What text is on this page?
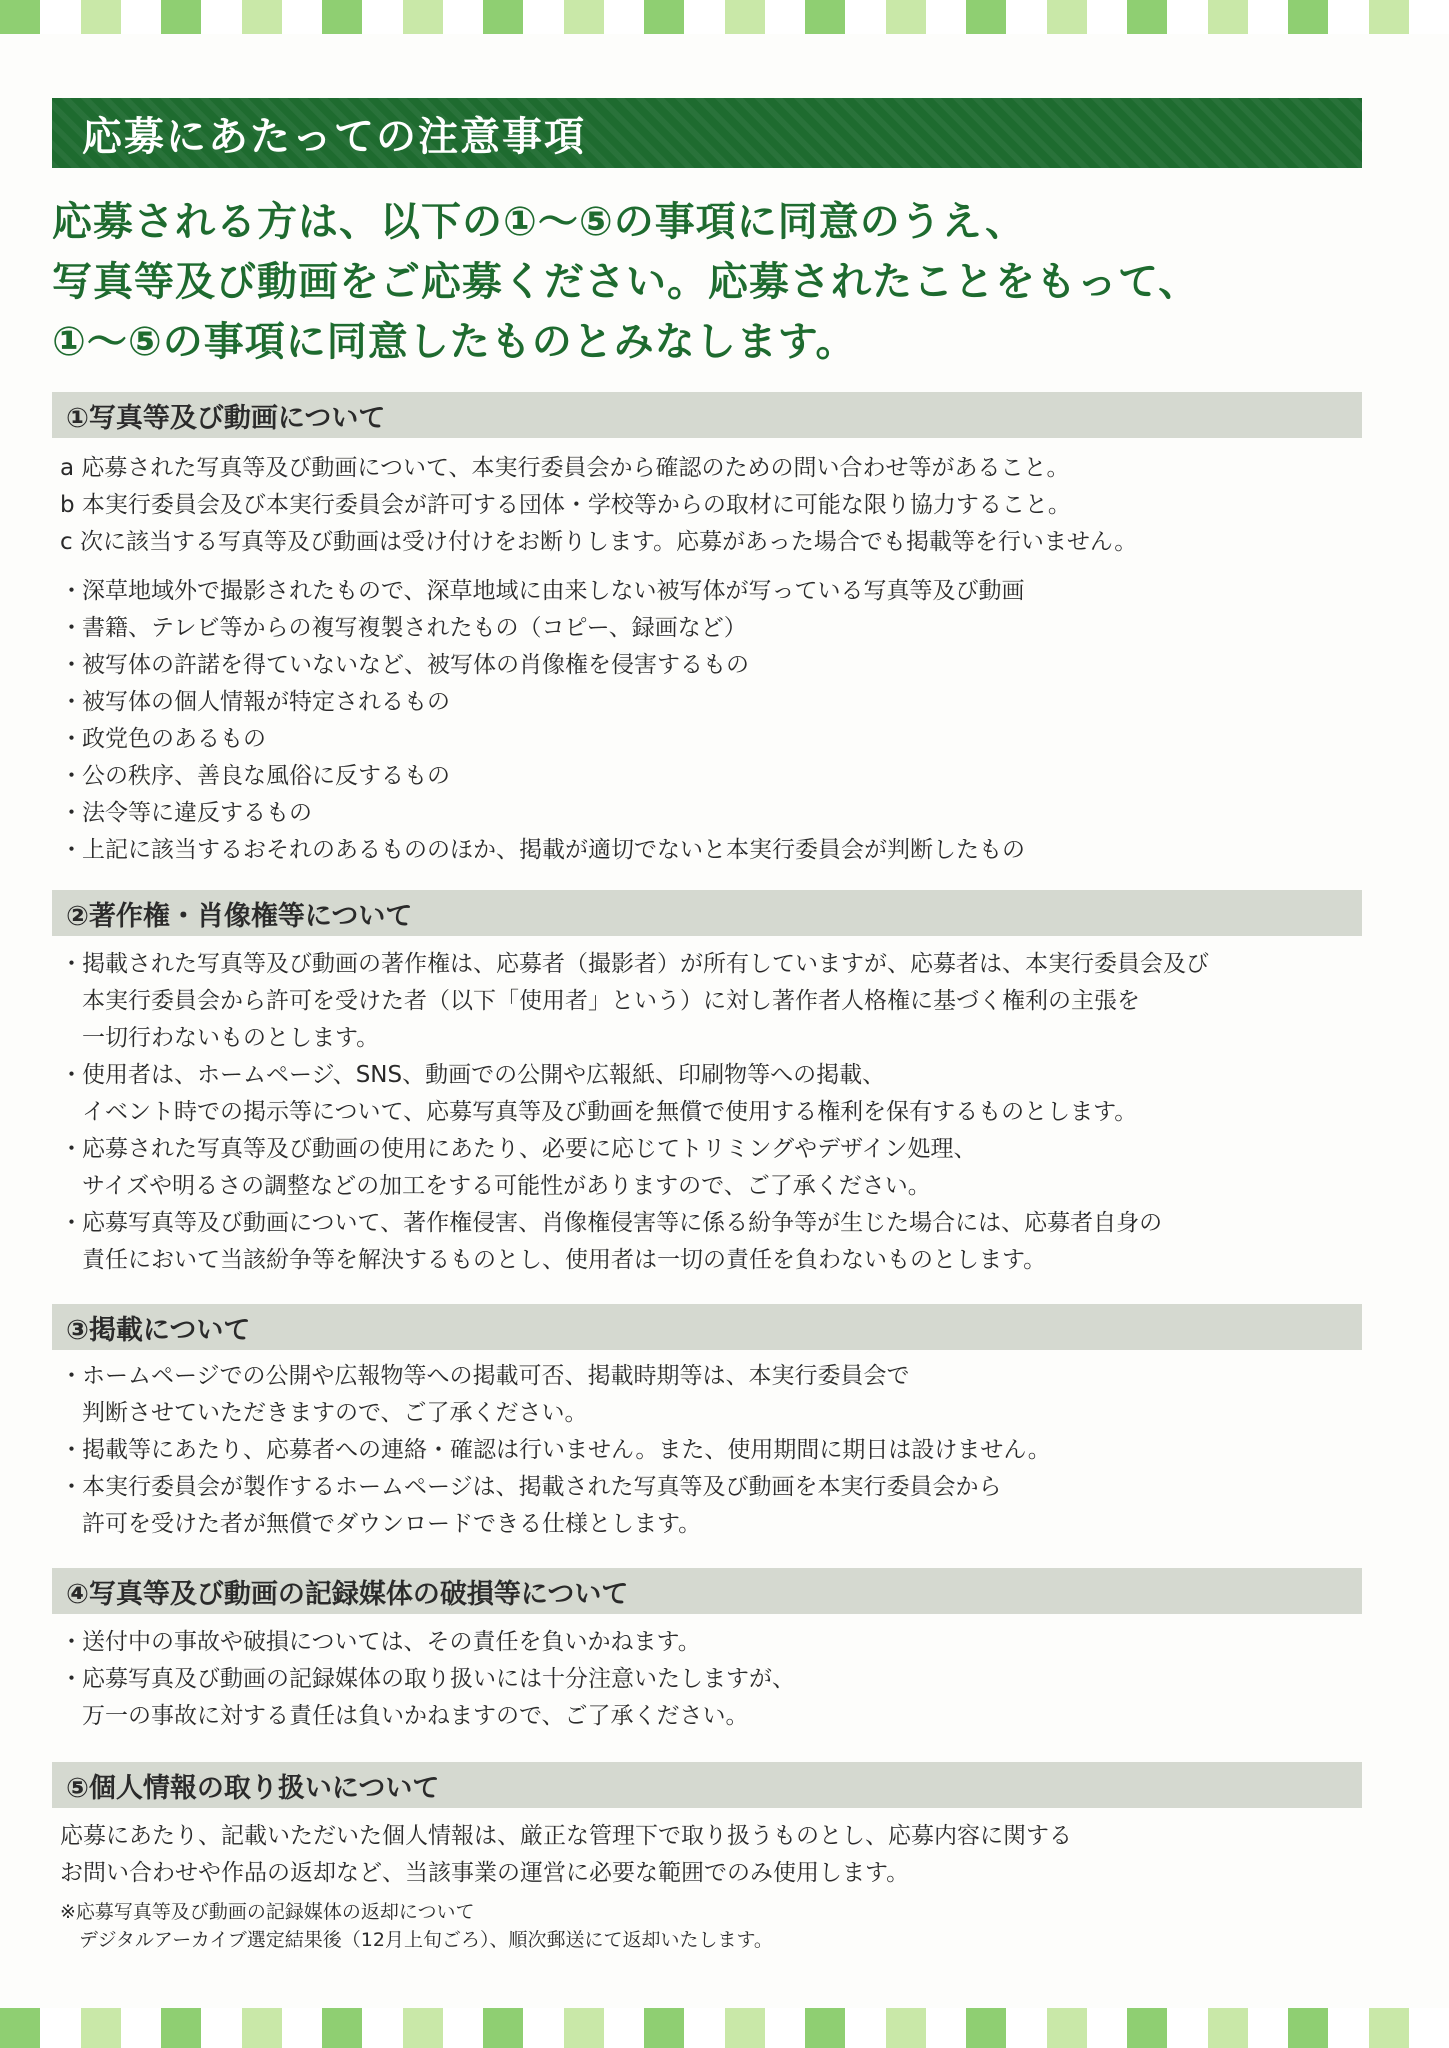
応募にあたっての注意事項

応募される方は、以下の①〜⑤の事項に同意のうえ、

写真等及び動画をご応募ください。応募されたことをもって、

①〜⑤の事項に同意したものとみなします。

①写真等及び動画について

a 応募された写真等及び動画について、本実行委員会から確認のための問い合わせ等があること。

b 本実行委員会及び本実行委員会が許可する団体・学校等からの取材に可能な限り協力すること。

c 次に該当する写真等及び動画は受け付けをお断りします。応募があった場合でも掲載等を行いません。

・ 深草地域外で撮影されたもので、深草地域に由来しない被写体が写っている写真等及び動画
・ 書籍、テレビ等からの複写複製されたもの（コピー、録画など）
・ 被写体の許諾を得ていないなど、被写体の肖像権を侵害するもの
・ 被写体の個人情報が特定されるもの
・ 政党色のあるもの
・ 公の秩序、善良な風俗に反するもの
・ 法令等に違反するもの
・ 上記に該当するおそれのあるもののほか、掲載が適切でないと本実行委員会が判断したもの
②著作権・肖像権等について
・ 掲載された写真等及び動画の著作権は、応募者（撮影者）が所有していますが、応募者は、本実行委員会及び
本実行委員会から許可を受けた者（以下「使用者」という）に対し著作者人格権に基づく権利の主張を
一切行わないものとします。
・ 使用者は、ホームページ、SNS、動画での公開や広報紙、印刷物等への掲載、
イベント時での掲示等について、応募写真等及び動画を無償で使用する権利を保有するものとします。
・ 応募された写真等及び動画の使用にあたり、必要に応じてトリミングやデザイン処理、
サイズや明るさの調整などの加工をする可能性がありますので、ご了承ください。
・ 応募写真等及び動画について、著作権侵害、肖像権侵害等に係る紛争等が生じた場合には、応募者自身の
責任において当該紛争等を解決するものとし、使用者は一切の責任を負わないものとします。
③掲載について
・ ホームページでの公開や広報物等への掲載可否、掲載時期等は、本実行委員会で
判断させていただきますので、ご了承ください。
・ 掲載等にあたり、応募者への連絡・確認は行いません。また、使用期間に期日は設けません。
・ 本実行委員会が製作するホームページは、掲載された写真等及び動画を本実行委員会から
許可を受けた者が無償でダウンロードできる仕様とします。
④写真等及び動画の記録媒体の破損等について
・ 送付中の事故や破損については、その責任を負いかねます。
・ 応募写真及び動画の記録媒体の取り扱いには十分注意いたしますが、
万一の事故に対する責任は負いかねますので、ご了承ください。
⑤個人情報の取り扱いについて

応募にあたり、記載いただいた個人情報は、厳正な管理下で取り扱うものとし、応募内容に関する

お問い合わせや作品の返却など、当該事業の運営に必要な範囲でのみ使用します。

※応募写真等及び動画の記録媒体の返却について
　デジタルアーカイブ選定結果後（12月上旬ごろ）、順次郵送にて返却いたします。
